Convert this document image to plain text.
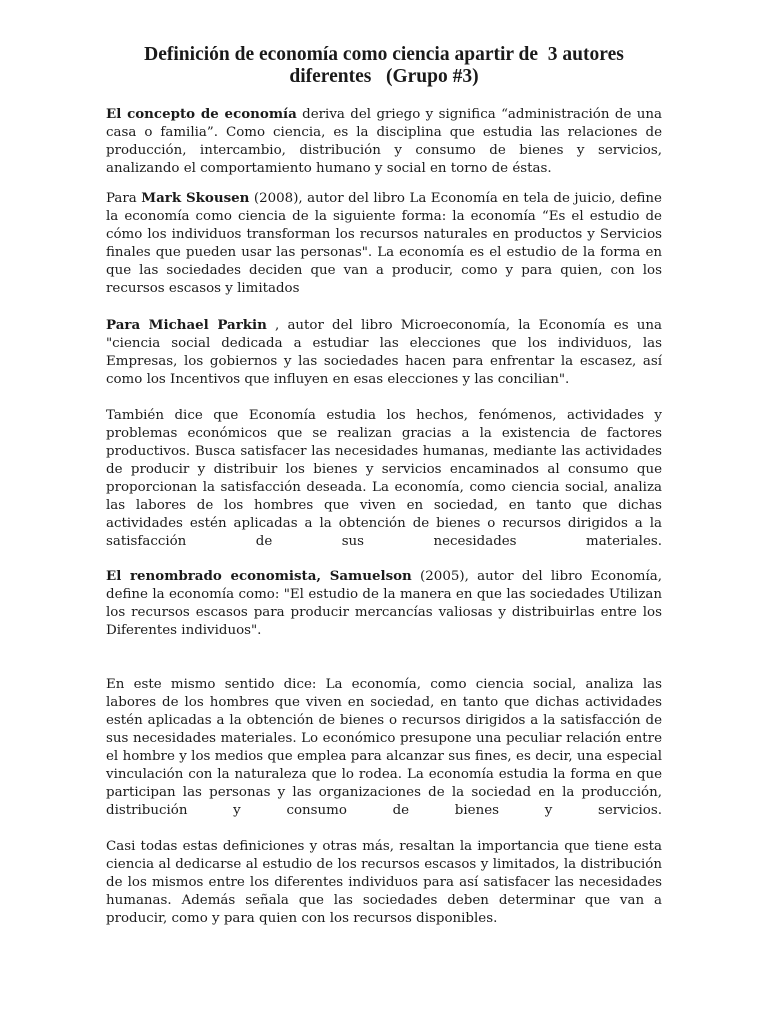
Definición de economía como ciencia apartir de  3 autores
diferentes   (Grupo #3)

El concepto de economía deriva del griego y significa “administración de una casa o familia”. Como ciencia, es la disciplina que estudia las relaciones de producción, intercambio, distribución y consumo de bienes y servicios, analizando el comportamiento humano y social en torno de éstas.

Para Mark Skousen (2008), autor del libro La Economía en tela de juicio, define la economía como ciencia de la siguiente forma: la economía “Es el estudio de cómo los individuos transforman los recursos naturales en productos y Servicios finales que pueden usar las personas". La economía es el estudio de la forma en que las sociedades deciden que van a producir, como y para quien, con los recursos escasos y limitados

Para Michael Parkin , autor del libro Microeconomía, la Economía es una "ciencia social dedicada a estudiar las elecciones que los individuos, las Empresas, los gobiernos y las sociedades hacen para enfrentar la escasez, así como los Incentivos que influyen en esas elecciones y las concilian".

También dice que Economía estudia los hechos, fenómenos, actividades y problemas económicos que se realizan gracias a la existencia de factores productivos. Busca satisfacer las necesidades humanas, mediante las actividades de producir y distribuir los bienes y servicios encaminados al consumo que proporcionan la satisfacción deseada. La economía, como ciencia social, analiza las labores de los hombres que viven en sociedad, en tanto que dichas actividades estén aplicadas a la obtención de bienes o recursos dirigidos a la satisfacción de sus necesidades materiales.

El renombrado economista, Samuelson (2005), autor del libro Economía, define la economía como: "El estudio de la manera en que las sociedades Utilizan los recursos escasos para producir mercancías valiosas y distribuirlas entre los Diferentes individuos".

En este mismo sentido dice: La economía, como ciencia social, analiza las labores de los hombres que viven en sociedad, en tanto que dichas actividades estén aplicadas a la obtención de bienes o recursos dirigidos a la satisfacción de sus necesidades materiales. Lo económico presupone una peculiar relación entre el hombre y los medios que emplea para alcanzar sus fines, es decir, una especial vinculación con la naturaleza que lo rodea. La economía estudia la forma en que participan las personas y las organizaciones de la sociedad en la producción, distribución y consumo de bienes y servicios.

Casi todas estas definiciones y otras más, resaltan la importancia que tiene esta ciencia al dedicarse al estudio de los recursos escasos y limitados, la distribución de los mismos entre los diferentes individuos para así satisfacer las necesidades humanas. Además señala que las sociedades deben determinar que van a producir, como y para quien con los recursos disponibles.
